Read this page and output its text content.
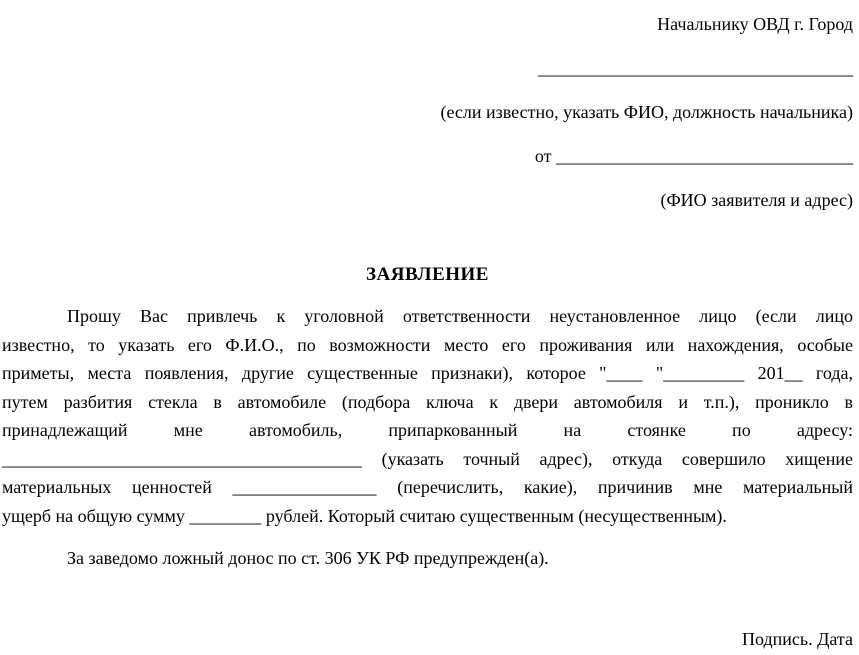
Начальнику ОВД г. Город
___________________________________
(если известно, указать ФИО, должность начальника)
от _________________________________
(ФИО заявителя и адрес)
ЗАЯВЛЕНИЕ
Прошу Вас привлечь к уголовной ответственности неустановленное лицо (если лицо
известно, то указать его Ф.И.О., по возможности место его проживания или нахождения, особые
приметы, места появления, другие существенные признаки), которое "____ "_________ 201__ года,
путем разбития стекла в автомобиле (подбора ключа к двери автомобиля и т.п.), проникло в
принадлежащий мне автомобиль, припаркованный на стоянке по адресу:
________________________________________ (указать точный адрес), откуда совершило хищение
материальных ценностей ________________ (перечислить, какие), причинив мне материальный
ущерб на общую сумму ________ рублей. Который считаю существенным (несущественным).
За заведомо ложный донос по ст. 306 УК РФ предупрежден(а).
Подпись. Дата
